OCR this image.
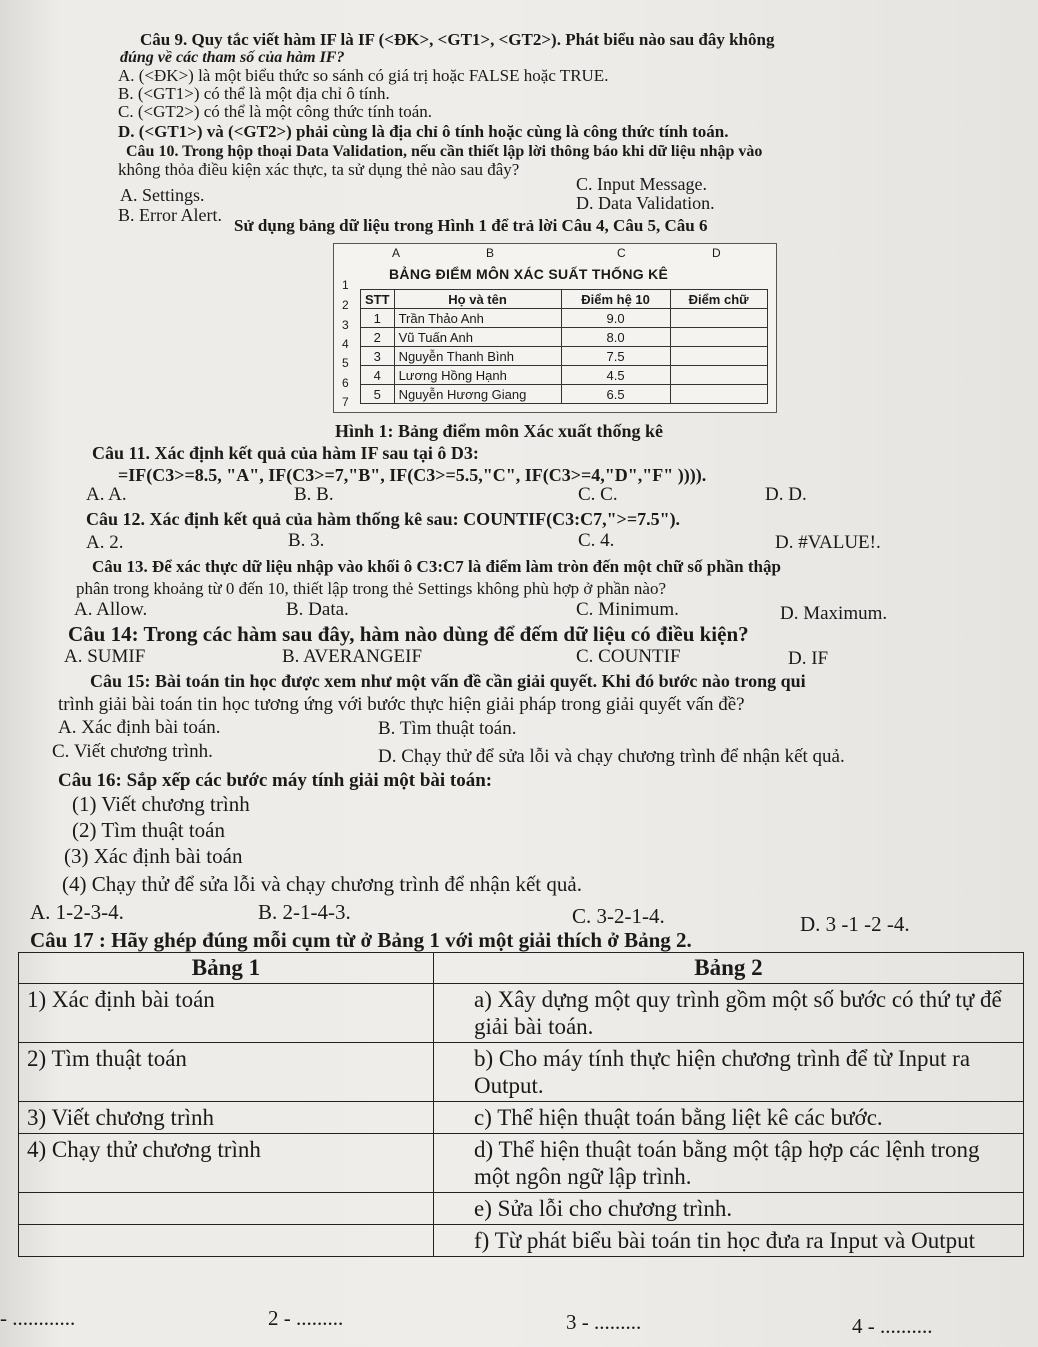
Câu 9. Quy tắc viết hàm IF là IF (<ĐK>, <GT1>, <GT2>). Phát biểu nào sau đây không
đúng về các tham số của hàm IF?
A. (<ĐK>) là một biểu thức so sánh có giá trị hoặc FALSE hoặc TRUE.
B. (<GT1>) có thể là một địa chỉ ô tính.
C. (<GT2>) có thể là một công thức tính toán.
D. (<GT1>) và (<GT2>) phải cùng là địa chỉ ô tính hoặc cùng là công thức tính toán.
Câu 10. Trong hộp thoại Data Validation, nếu cần thiết lập lời thông báo khi dữ liệu nhập vào
không thỏa điều kiện xác thực, ta sử dụng thẻ nào sau đây?
A. Settings.
C. Input Message.
B. Error Alert.
D. Data Validation.
Sử dụng bảng dữ liệu trong Hình 1 để trả lời Câu 4, Câu 5, Câu 6
A	B	C	D
1
2
3
4
5
6
7
BẢNG ĐIỂM MÔN XÁC SUẤT THỐNG KÊ
STT	Họ và tên	Điểm hệ 10	Điểm chữ
1	Trần Thảo Anh	9.0	
2	Vũ Tuấn Anh	8.0	
3	Nguyễn Thanh Bình	7.5	
4	Lương Hồng Hạnh	4.5	
5	Nguyễn Hương Giang	6.5	
Hình 1: Bảng điểm môn Xác xuất thống kê
Câu 11. Xác định kết quả của hàm IF sau tại ô D3:
=IF(C3>=8.5, "A", IF(C3>=7,"B", IF(C3>=5.5,"C", IF(C3>=4,"D","F" )))).
A. A.	B. B.	C. C.	D. D.
Câu 12. Xác định kết quả của hàm thống kê sau: COUNTIF(C3:C7,">=7.5").
A. 2.	B. 3.	C. 4.	D. #VALUE!.
Câu 13. Để xác thực dữ liệu nhập vào khối ô C3:C7 là điểm làm tròn đến một chữ số phần thập
phân trong khoảng từ 0 đến 10, thiết lập trong thẻ Settings không phù hợp ở phần nào?
A. Allow.	B. Data.	C. Minimum.	D. Maximum.
Câu 14: Trong các hàm sau đây, hàm nào dùng để đếm dữ liệu có điều kiện?
A. SUMIF	B. AVERANGEIF	C. COUNTIF	D. IF
Câu 15: Bài toán tin học được xem như một vấn đề cần giải quyết. Khi đó bước nào trong qui
trình giải bài toán tin học tương ứng với bước thực hiện giải pháp trong giải quyết vấn đề?
A. Xác định bài toán.	B. Tìm thuật toán.
C. Viết chương trình.	D. Chạy thử để sửa lỗi và chạy chương trình để nhận kết quả.
Câu 16: Sắp xếp các bước máy tính giải một bài toán:
(1) Viết chương trình
(2) Tìm thuật toán
(3) Xác định bài toán
(4) Chạy thử để sửa lỗi và chạy chương trình để nhận kết quả.
A. 1-2-3-4.	B. 2-1-4-3.	C. 3-2-1-4.	D. 3 -1 -2 -4.
Câu 17 : Hãy ghép đúng mỗi cụm từ ở Bảng 1 với một giải thích ở Bảng 2.
Bảng 1	Bảng 2
1) Xác định bài toán	a) Xây dựng một quy trình gồm một số bước có thứ tự để giải bài toán.
2) Tìm thuật toán	b) Cho máy tính thực hiện chương trình để từ Input ra Output.
3) Viết chương trình	c) Thể hiện thuật toán bằng liệt kê các bước.
4) Chạy thử chương trình	d) Thể hiện thuật toán bằng một tập hợp các lệnh trong một ngôn ngữ lập trình.
	e) Sửa lỗi cho chương trình.
	f) Từ phát biểu bài toán tin học đưa ra Input và Output
- ............	2 - .........	3 - .........	4 - ..........
